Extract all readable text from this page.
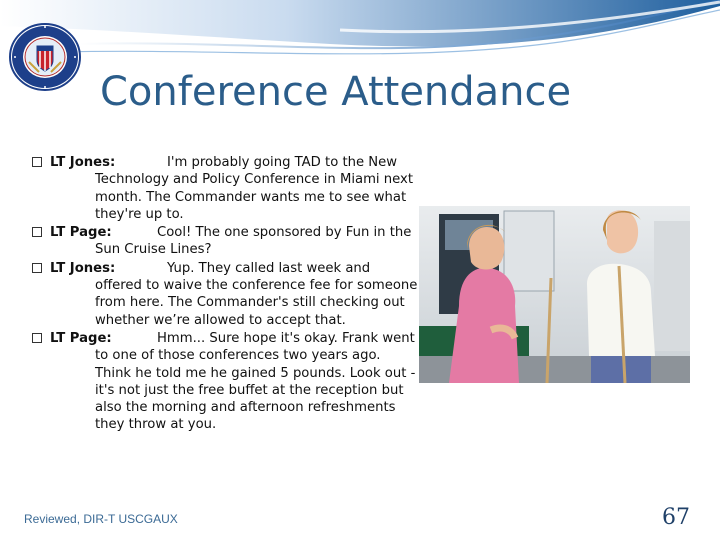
Conference Attendance
LT Jones:	I'm probably going TAD to the New Technology and Policy Conference in Miami next month. The Commander wants me to see what they're up to.
LT Page:	Cool! The one sponsored by Fun in the Sun Cruise Lines?
LT Jones:	Yup. They called last week and offered to waive the conference fee for someone from here. The Commander's still checking out whether we’re allowed to accept that.
LT Page:	Hmm... Sure hope it's okay. Frank went to one of those conferences two years ago. Think he told me he gained 5 pounds. Look out - it's not just the free buffet at the reception but also the morning and afternoon refreshments they throw at you.
Reviewed, DIR-T USCGAUX	67
